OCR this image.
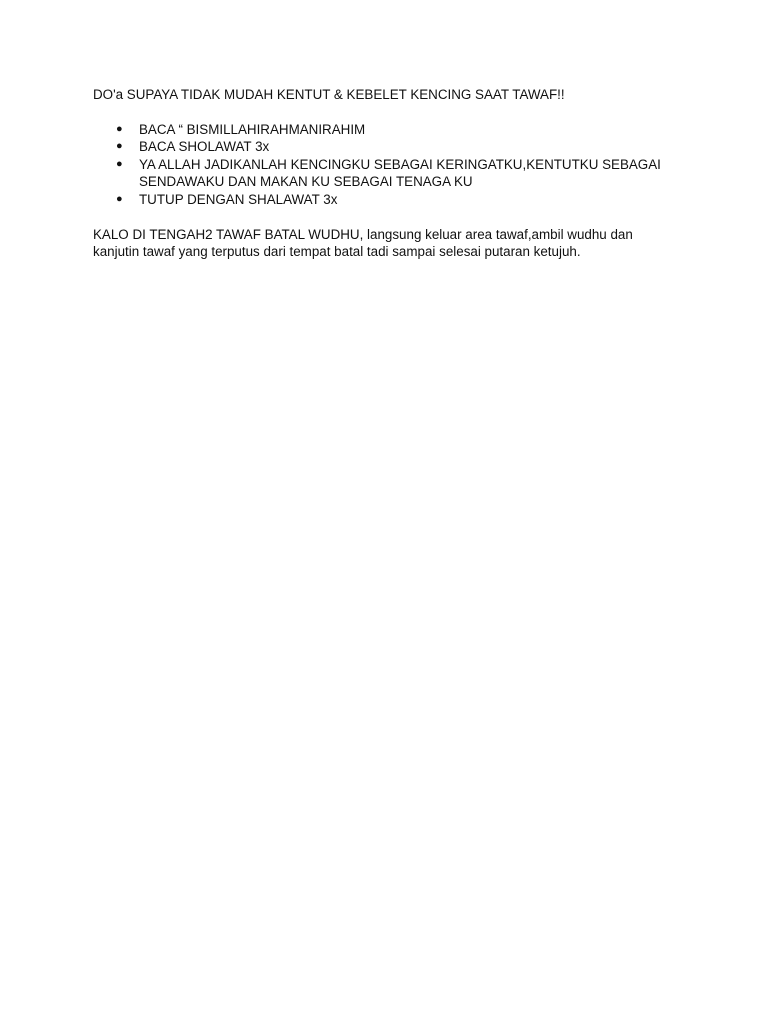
DO'a SUPAYA TIDAK MUDAH KENTUT & KEBELET KENCING SAAT TAWAF!!

● BACA “ BISMILLAHIRAHMANIRAHIM
● BACA SHOLAWAT 3x
● YA ALLAH JADIKANLAH KENCINGKU SEBAGAI KERINGATKU,KENTUTKU SEBAGAI SENDAWAKU DAN MAKAN KU SEBAGAI TENAGA KU
● TUTUP DENGAN SHALAWAT 3x

KALO DI TENGAH2 TAWAF BATAL WUDHU, langsung keluar area tawaf,ambil wudhu dan kanjutin tawaf yang terputus dari tempat batal tadi sampai selesai putaran ketujuh.
